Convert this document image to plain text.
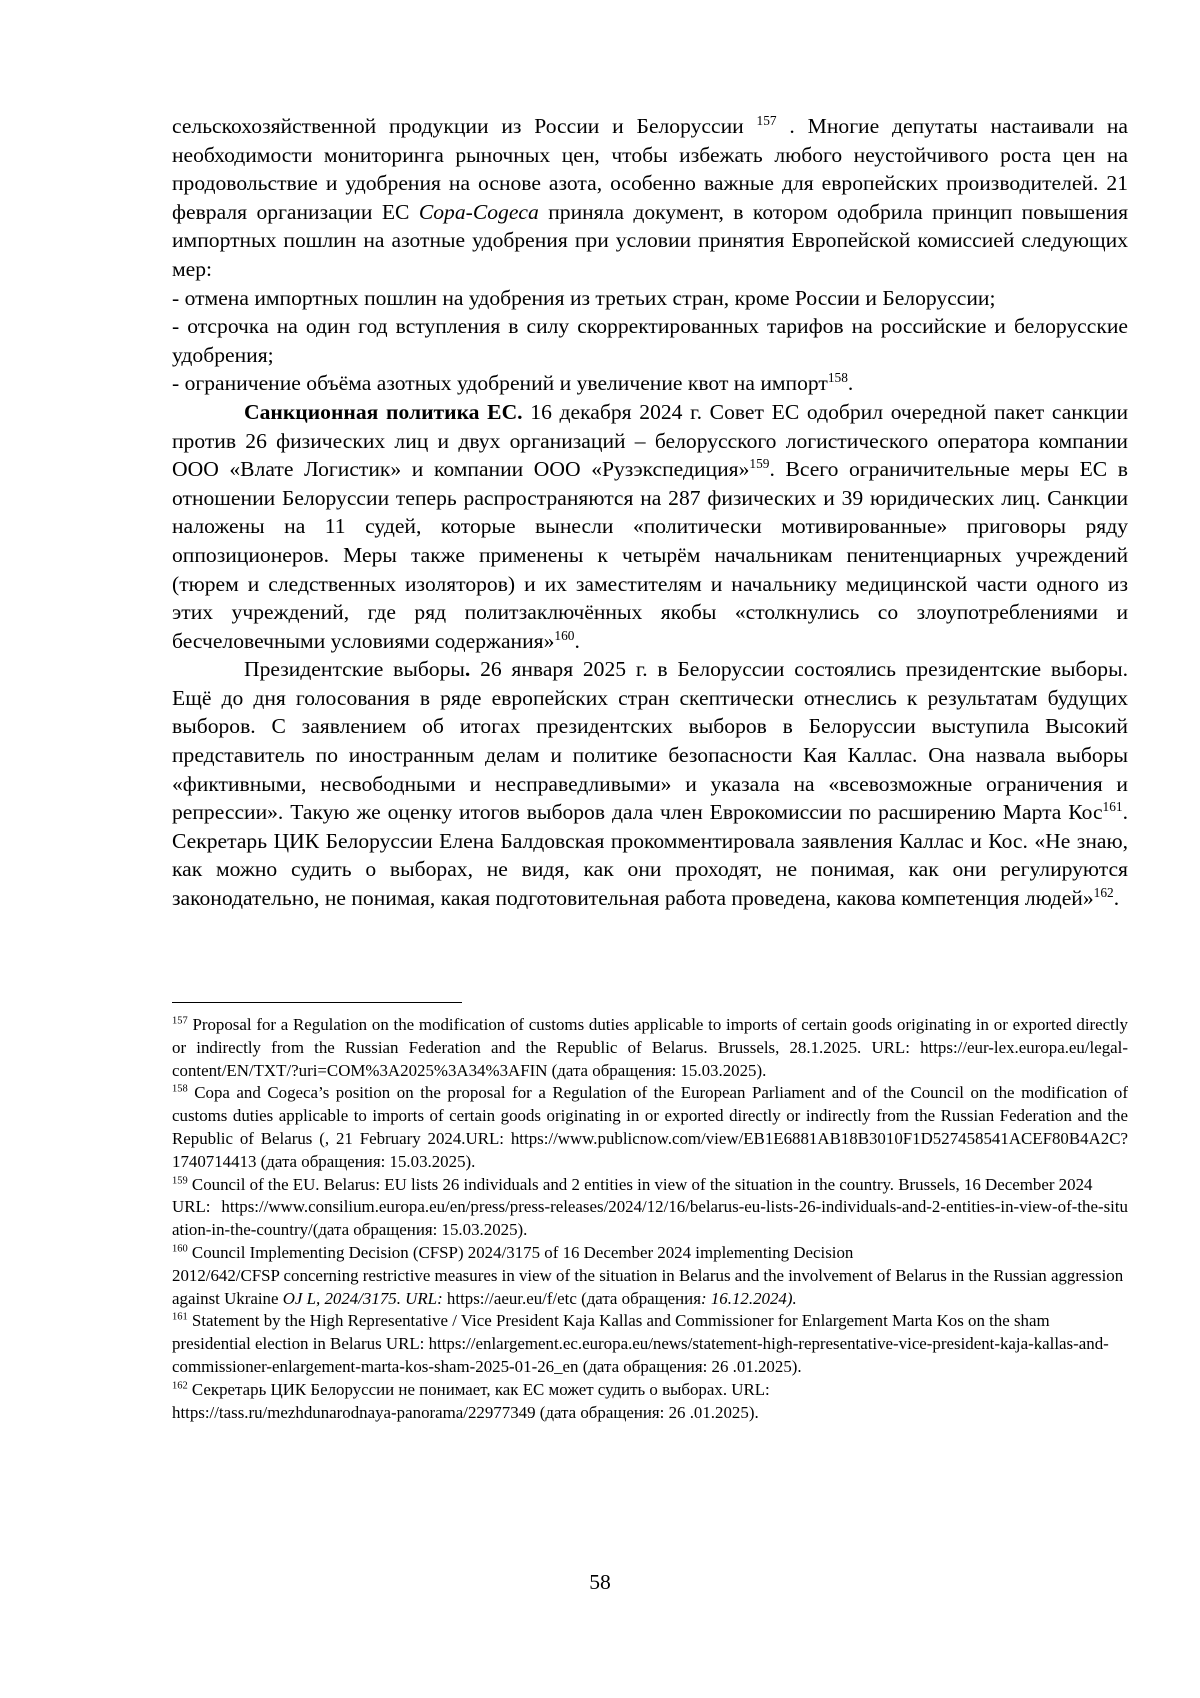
сельскохозяйственной продукции из России и Белоруссии $^{157}$ . Многие депутаты настаивали на необходимости мониторинга рыночных цен, чтобы избежать любого неустойчивого роста цен на продовольствие и удобрения на основе азота, особенно важные для европейских производителей. 21 февраля организации ЕС Copa-Cogeca приняла документ, в котором одобрила принцип повышения импортных пошлин на азотные удобрения при условии принятия Европейской комиссией следующих мер:

- отмена импортных пошлин на удобрения из третьих стран, кроме России и Белоруссии;

- отсрочка на один год вступления в силу скорректированных тарифов на российские и белорусские удобрения;

- ограничение объёма азотных удобрений и увеличение квот на импорт$^{158}$.

Санкционная политика ЕС. 16 декабря 2024 г. Совет ЕС одобрил очередной пакет санкции против 26 физических лиц и двух организаций – белорусского логистического оператора компании ООО «Влате Логистик» и компании ООО «Рузэкспедиция»$^{159}$. Всего ограничительные меры ЕС в отношении Белоруссии теперь распространяются на 287 физических и 39 юридических лиц. Санкции наложены на 11 судей, которые вынесли «политически мотивированные» приговоры ряду оппозиционеров. Меры также применены к четырём начальникам пенитенциарных учреждений (тюрем и следственных изоляторов) и их заместителям и начальнику медицинской части одного из этих учреждений, где ряд политзаключённых якобы «столкнулись со злоупотреблениями и бесчеловечными условиями содержания»$^{160}$.

Президентские выборы. 26 января 2025 г. в Белоруссии состоялись президентские выборы. Ещё до дня голосования в ряде европейских стран скептически отнеслись к результатам будущих выборов. С заявлением об итогах президентских выборов в Белоруссии выступила Высокий представитель по иностранным делам и политике безопасности Кая Каллас. Она назвала выборы «фиктивными, несвободными и несправедливыми» и указала на «всевозможные ограничения и репрессии». Такую же оценку итогов выборов дала член Еврокомиссии по расширению Марта Кос$^{161}$. Секретарь ЦИК Белоруссии Елена Балдовская прокомментировала заявления Каллас и Кос. «Не знаю, как можно судить о выборах, не видя, как они проходят, не понимая, как они регулируются законодательно, не понимая, какая подготовительная работа проведена, какова компетенция людей»$^{162}$.

$^{157}$ Proposal for a Regulation on the modification of customs duties applicable to imports of certain goods originating in or exported directly or indirectly from the Russian Federation and the Republic of Belarus. Brussels, 28.1.2025. URL: https://eur-lex.europa.eu/legal-content/EN/TXT/?uri=COM%3A2025%3A34%3AFIN (дата обращения: 15.03.2025).

$^{158}$ Copa and Cogeca’s position on the proposal for a Regulation of the European Parliament and of the Council on the modification of customs duties applicable to imports of certain goods originating in or exported directly or indirectly from the Russian Federation and the Republic of Belarus (, 21 February 2024.URL: https://www.publicnow.com/view/EB1E6881AB18B3010F1D527458541ACEF80B4A2C?1740714413 (дата обращения: 15.03.2025).

$^{159}$ Council of the EU. Belarus: EU lists 26 individuals and 2 entities in view of the situation in the country. Brussels, 16 December 2024

URL: https://www.consilium.europa.eu/en/press/press-releases/2024/12/16/belarus-eu-lists-26-individuals-and-2-entities-in-view-of-the-situation-in-the-country/(дата обращения: 15.03.2025).

$^{160}$ Council Implementing Decision (CFSP) 2024/3175 of 16 December 2024 implementing Decision

2012/642/CFSP concerning restrictive measures in view of the situation in Belarus and the involvement of Belarus in the Russian aggression against Ukraine OJ L, 2024/3175. URL: https://aeur.eu/f/etc (дата обращения: 16.12.2024).

$^{161}$ Statement by the High Representative / Vice President Kaja Kallas and Commissioner for Enlargement Marta Kos on the sham presidential election in Belarus URL: https://enlargement.ec.europa.eu/news/statement-high-representative-vice-president-kaja-kallas-and-commissioner-enlargement-marta-kos-sham-2025-01-26_en (дата обращения: 26 .01.2025).

$^{162}$ Секретарь ЦИК Белоруссии не понимает, как ЕС может судить о выборах. URL:

https://tass.ru/mezhdunarodnaya-panorama/22977349 (дата обращения: 26 .01.2025).

58
